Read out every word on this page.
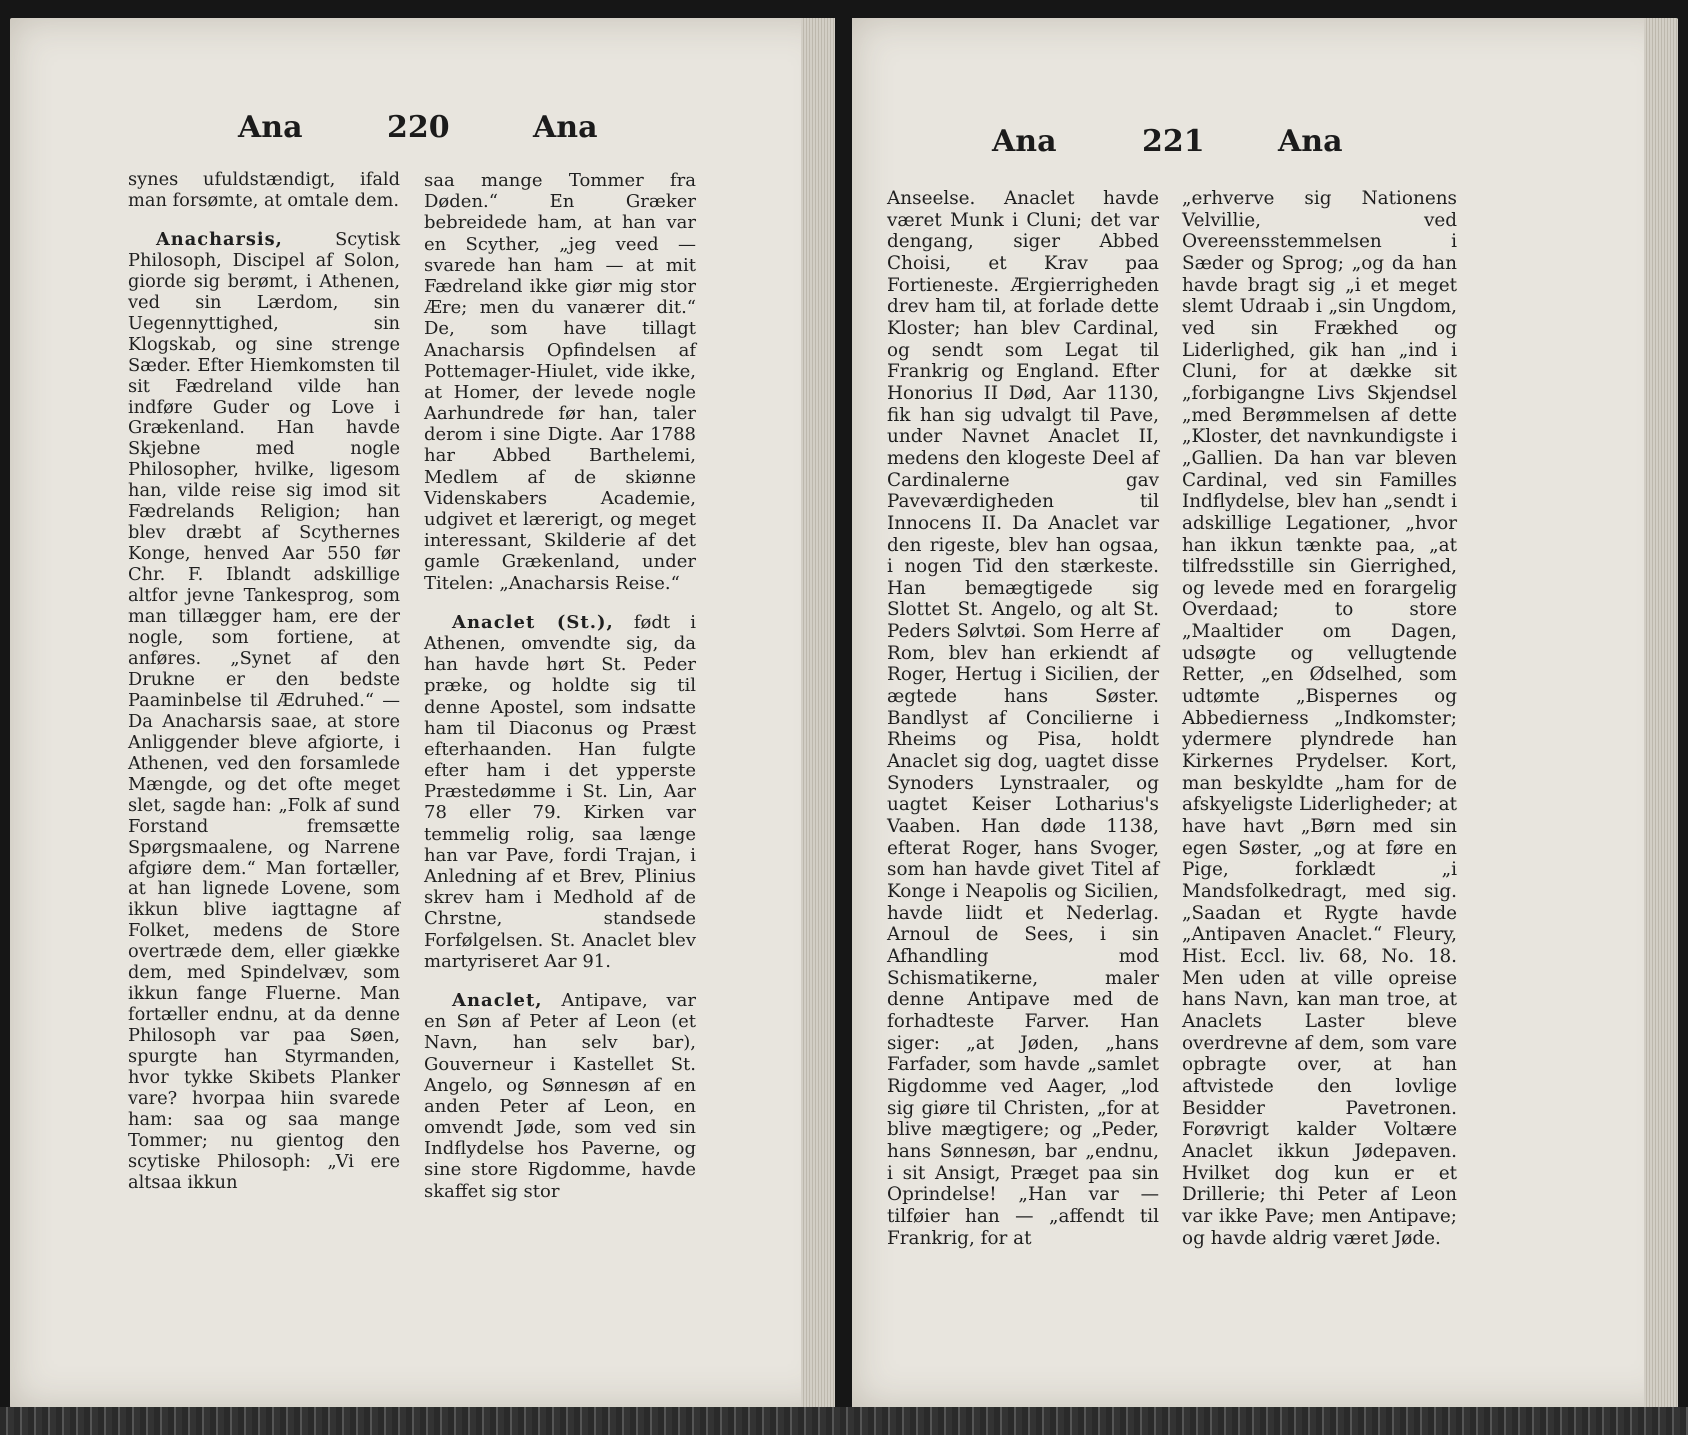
Ana	220	Ana

synes ufuldstændigt, ifald man forsømte, at omtale dem.

Anacharsis, Scytisk Philosoph, Discipel af Solon, giorde sig berømt, i Athenen, ved sin Lærdom, sin Uegennyttighed, sin Klogskab, og sine strenge Sæder. Efter Hiemkomsten til sit Fædreland vilde han indføre Guder og Love i Grækenland. Han havde Skjebne med nogle Philosopher, hvilke, ligesom han, vilde reise sig imod sit Fædrelands Religion; han blev dræbt af Scythernes Konge, henved Aar 550 før Chr. F. Iblandt adskillige altfor jevne Tankesprog, som man tillægger ham, ere der nogle, som fortiene, at anføres. „Synet af den Drukne er den bedste Paaminbelse til Ædruhed.“ — Da Anacharsis saae, at store Anliggender bleve afgiorte, i Athenen, ved den forsamlede Mængde, og det ofte meget slet, sagde han: „Folk af sund Forstand fremsætte Spørgsmaalene, og Narrene afgiøre dem.“ Man fortæller, at han lignede Lovene, som ikkun blive iagttagne af Folket, medens de Store overtræde dem, eller giække dem, med Spindelvæv, som ikkun fange Fluerne. Man fortæller endnu, at da denne Philosoph var paa Søen, spurgte han Styrmanden, hvor tykke Skibets Planker vare? hvorpaa hiin svarede ham: saa og saa mange Tommer; nu gientog den scytiske Philosoph: „Vi ere altsaa ikkun

saa mange Tommer fra Døden.“ En Græker bebreidede ham, at han var en Scyther, „jeg veed — svarede han ham — at mit Fædreland ikke giør mig stor Ære; men du vanærer dit.“ De, som have tillagt Anacharsis Opfindelsen af Pottemager-Hiulet, vide ikke, at Homer, der levede nogle Aarhundrede før han, taler derom i sine Digte. Aar 1788 har Abbed Barthelemi, Medlem af de skiønne Videnskabers Academie, udgivet et lærerigt, og meget interessant, Skilderie af det gamle Grækenland, under Titelen: „Anacharsis Reise.“

Anaclet (St.), født i Athenen, omvendte sig, da han havde hørt St. Peder præke, og holdte sig til denne Apostel, som indsatte ham til Diaconus og Præst efterhaanden. Han fulgte efter ham i det ypperste Præstedømme i St. Lin, Aar 78 eller 79. Kirken var temmelig rolig, saa længe han var Pave, fordi Trajan, i Anledning af et Brev, Plinius skrev ham i Medhold af de Chrstne, standsede Forfølgelsen. St. Anaclet blev martyriseret Aar 91.

Anaclet, Antipave, var en Søn af Peter af Leon (et Navn, han selv bar), Gouverneur i Kastellet St. Angelo, og Sønnesøn af en anden Peter af Leon, en omvendt Jøde, som ved sin Indflydelse hos Paverne, og sine store Rigdomme, havde skaffet sig stor

Ana	221 Ana

Anseelse. Anaclet havde været Munk i Cluni; det var dengang, siger Abbed Choisi, et Krav paa Fortieneste. Ærgierrigheden drev ham til, at forlade dette Kloster; han blev Cardinal, og sendt som Legat til Frankrig og England. Efter Honorius II Død, Aar 1130, fik han sig udvalgt til Pave, under Navnet Anaclet II, medens den klogeste Deel af Cardinalerne gav Paveværdigheden til Innocens II. Da Anaclet var den rigeste, blev han ogsaa, i nogen Tid den stærkeste. Han bemægtigede sig Slottet St. Angelo, og alt St. Peders Sølvtøi. Som Herre af Rom, blev han erkiendt af Roger, Hertug i Sicilien, der ægtede hans Søster. Bandlyst af Concilierne i Rheims og Pisa, holdt Anaclet sig dog, uagtet disse Synoders Lynstraaler, og uagtet Keiser Lotharius's Vaaben. Han døde 1138, efterat Roger, hans Svoger, som han havde givet Titel af Konge i Neapolis og Sicilien, havde liidt et Nederlag. Arnoul de Sees, i sin Afhandling mod Schismatikerne, maler denne Antipave med de forhadteste Farver. Han siger: „at Jøden, „hans Farfader, som havde „samlet Rigdomme ved Aager, „lod sig giøre til Christen, „for at blive mægtigere; og „Peder, hans Sønnesøn, bar „endnu, i sit Ansigt, Præget paa sin Oprindelse! „Han var — tilføier han — „affendt til Frankrig, for at

„erhverve sig Nationens Velvillie, ved Overeensstemmelsen i Sæder og Sprog; „og da han havde bragt sig „i et meget slemt Udraab i „sin Ungdom, ved sin Frækhed og Liderlighed, gik han „ind i Cluni, for at dække sit „forbigangne Livs Skjendsel „med Berømmelsen af dette „Kloster, det navnkundigste i „Gallien. Da han var bleven Cardinal, ved sin Familles Indflydelse, blev han „sendt i adskillige Legationer, „hvor han ikkun tænkte paa, „at tilfredsstille sin Gierrighed, og levede med en forargelig Overdaad; to store „Maaltider om Dagen, udsøgte og vellugtende Retter, „en Ødselhed, som udtømte „Bispernes og Abbedierness „Indkomster; ydermere plyndrede han Kirkernes Prydelser. Kort, man beskyldte „ham for de afskyeligste Liderligheder; at have havt „Børn med sin egen Søster, „og at føre en Pige, forklædt „i Mandsfolkedragt, med sig. „Saadan et Rygte havde „Antipaven Anaclet.“ Fleury, Hist. Eccl. liv. 68, No. 18. Men uden at ville opreise hans Navn, kan man troe, at Anaclets Laster bleve overdrevne af dem, som vare opbragte over, at han aftvistede den lovlige Besidder Pavetronen. Forøvrigt kalder Voltære Anaclet ikkun Jødepaven. Hvilket dog kun er et Drillerie; thi Peter af Leon var ikke Pave; men Antipave; og havde aldrig været Jøde.
